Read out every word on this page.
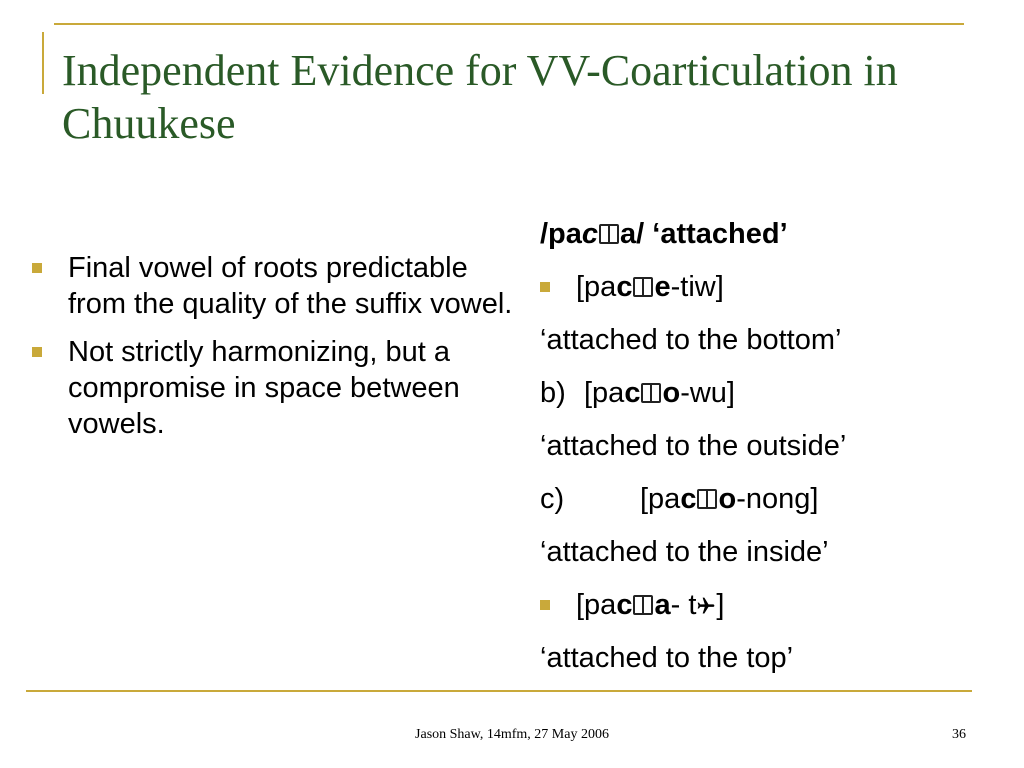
Independent Evidence for VV-Coarticulation in Chuukese
Final vowel of roots predictable from the quality of the suffix vowel.
Not strictly harmonizing, but a compromise in space between vowels.
/pac a/ ‘attached’
[pac e-tiw]
‘attached to the bottom’
b) [pac o-wu]
‘attached to the outside’
c)	[pac o-nong]
‘attached to the inside’
[pac a- t ]
‘attached to the top’
Jason Shaw, 14mfm, 27 May 2006	36
